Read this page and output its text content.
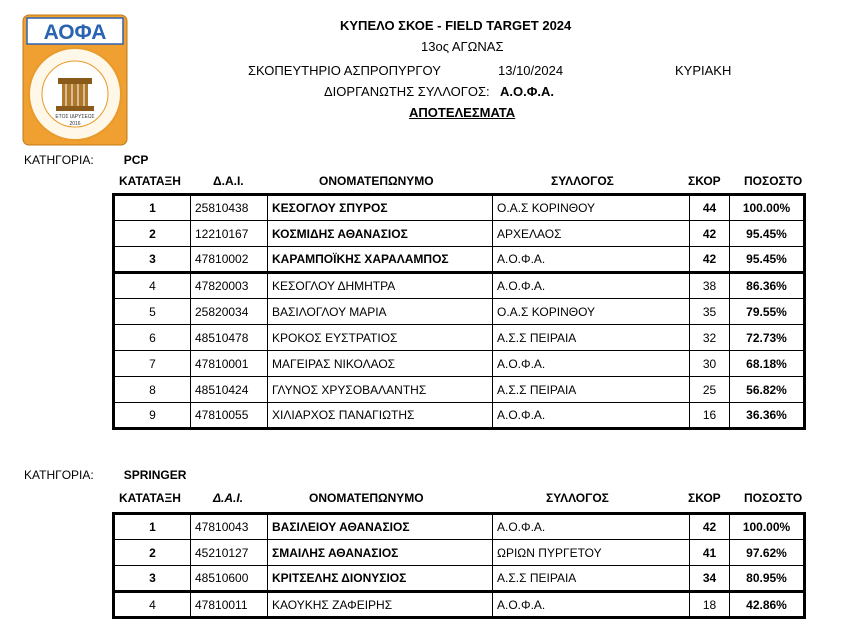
ΑΟΦΑ
ΕΤΟΣ ΙΔΡΥΣΕΩΣ
2016
ΚΥΠΕΛΟ ΣΚΟΕ - FIELD TARGET 2024
13ος ΑΓΩΝΑΣ
ΣΚΟΠΕΥΤΗΡΙΟ ΑΣΠΡΟΠΥΡΓΟΥ	13/10/2024	ΚΥΡΙΑΚΗ
ΔΙΟΡΓΑΝΩΤΗΣ ΣΥΛΛΟΓΟΣ: Α.Ο.Φ.Α.
ΑΠΟΤΕΛΕΣΜΑΤΑ
ΚΑΤΗΓΟΡΙΑ:	PCP
ΚΑΤΑΤΑΞΗ	Δ.Α.Ι.	ΟΝΟΜΑΤΕΠΩΝΥΜΟ	ΣΥΛΛΟΓΟΣ	ΣΚΟΡ ΠΟΣΟΣΤΟ
1	25810438	ΚΕΣΟΓΛΟΥ ΣΠΥΡΟΣ	Ο.Α.Σ ΚΟΡΙΝΘΟΥ	44	100.00%
2	12210167	ΚΟΣΜΙΔΗΣ ΑΘΑΝΑΣΙΟΣ	ΑΡΧΕΛΑΟΣ	42	95.45%
3	47810002	ΚΑΡΑΜΠΟΪΚΗΣ ΧΑΡΑΛΑΜΠΟΣ	Α.Ο.Φ.Α.	42	95.45%
4	47820003	ΚΕΣΟΓΛΟΥ ΔΗΜΗΤΡΑ	Α.Ο.Φ.Α.	38	86.36%
5	25820034	ΒΑΣΙΛΟΓΛΟΥ ΜΑΡΙΑ	Ο.Α.Σ ΚΟΡΙΝΘΟΥ	35	79.55%
6	48510478	ΚΡΟΚΟΣ ΕΥΣΤΡΑΤΙΟΣ	Α.Σ.Σ ΠΕΙΡΑΙΑ	32	72.73%
7	47810001	ΜΑΓΕΙΡΑΣ ΝΙΚΟΛΑΟΣ	Α.Ο.Φ.Α.	30	68.18%
8	48510424	ΓΛΥΝΟΣ ΧΡΥΣΟΒΑΛΑΝΤΗΣ	Α.Σ.Σ ΠΕΙΡΑΙΑ	25	56.82%
9	47810055	ΧΙΛΙΑΡΧΟΣ ΠΑΝΑΓΙΩΤΗΣ	Α.Ο.Φ.Α.	16	36.36%
ΚΑΤΗΓΟΡΙΑ:	SPRINGER
ΚΑΤΑΤΑΞΗ	Δ.Α.Ι.	ΟΝΟΜΑΤΕΠΩΝΥΜΟ	ΣΥΛΛΟΓΟΣ	ΣΚΟΡ ΠΟΣΟΣΤΟ
1	47810043	ΒΑΣΙΛΕΙΟΥ ΑΘΑΝΑΣΙΟΣ	Α.Ο.Φ.Α.	42	100.00%
2	45210127	ΣΜΑΙΛΗΣ ΑΘΑΝΑΣΙΟΣ	ΩΡΙΩΝ ΠΥΡΓΕΤΟΥ	41	97.62%
3	48510600	ΚΡΙΤΣΕΛΗΣ ΔΙΟΝΥΣΙΟΣ	Α.Σ.Σ ΠΕΙΡΑΙΑ	34	80.95%
4	47810011	ΚΑΟΥΚΗΣ ΖΑΦΕΙΡΗΣ	Α.Ο.Φ.Α.	18	42.86%
